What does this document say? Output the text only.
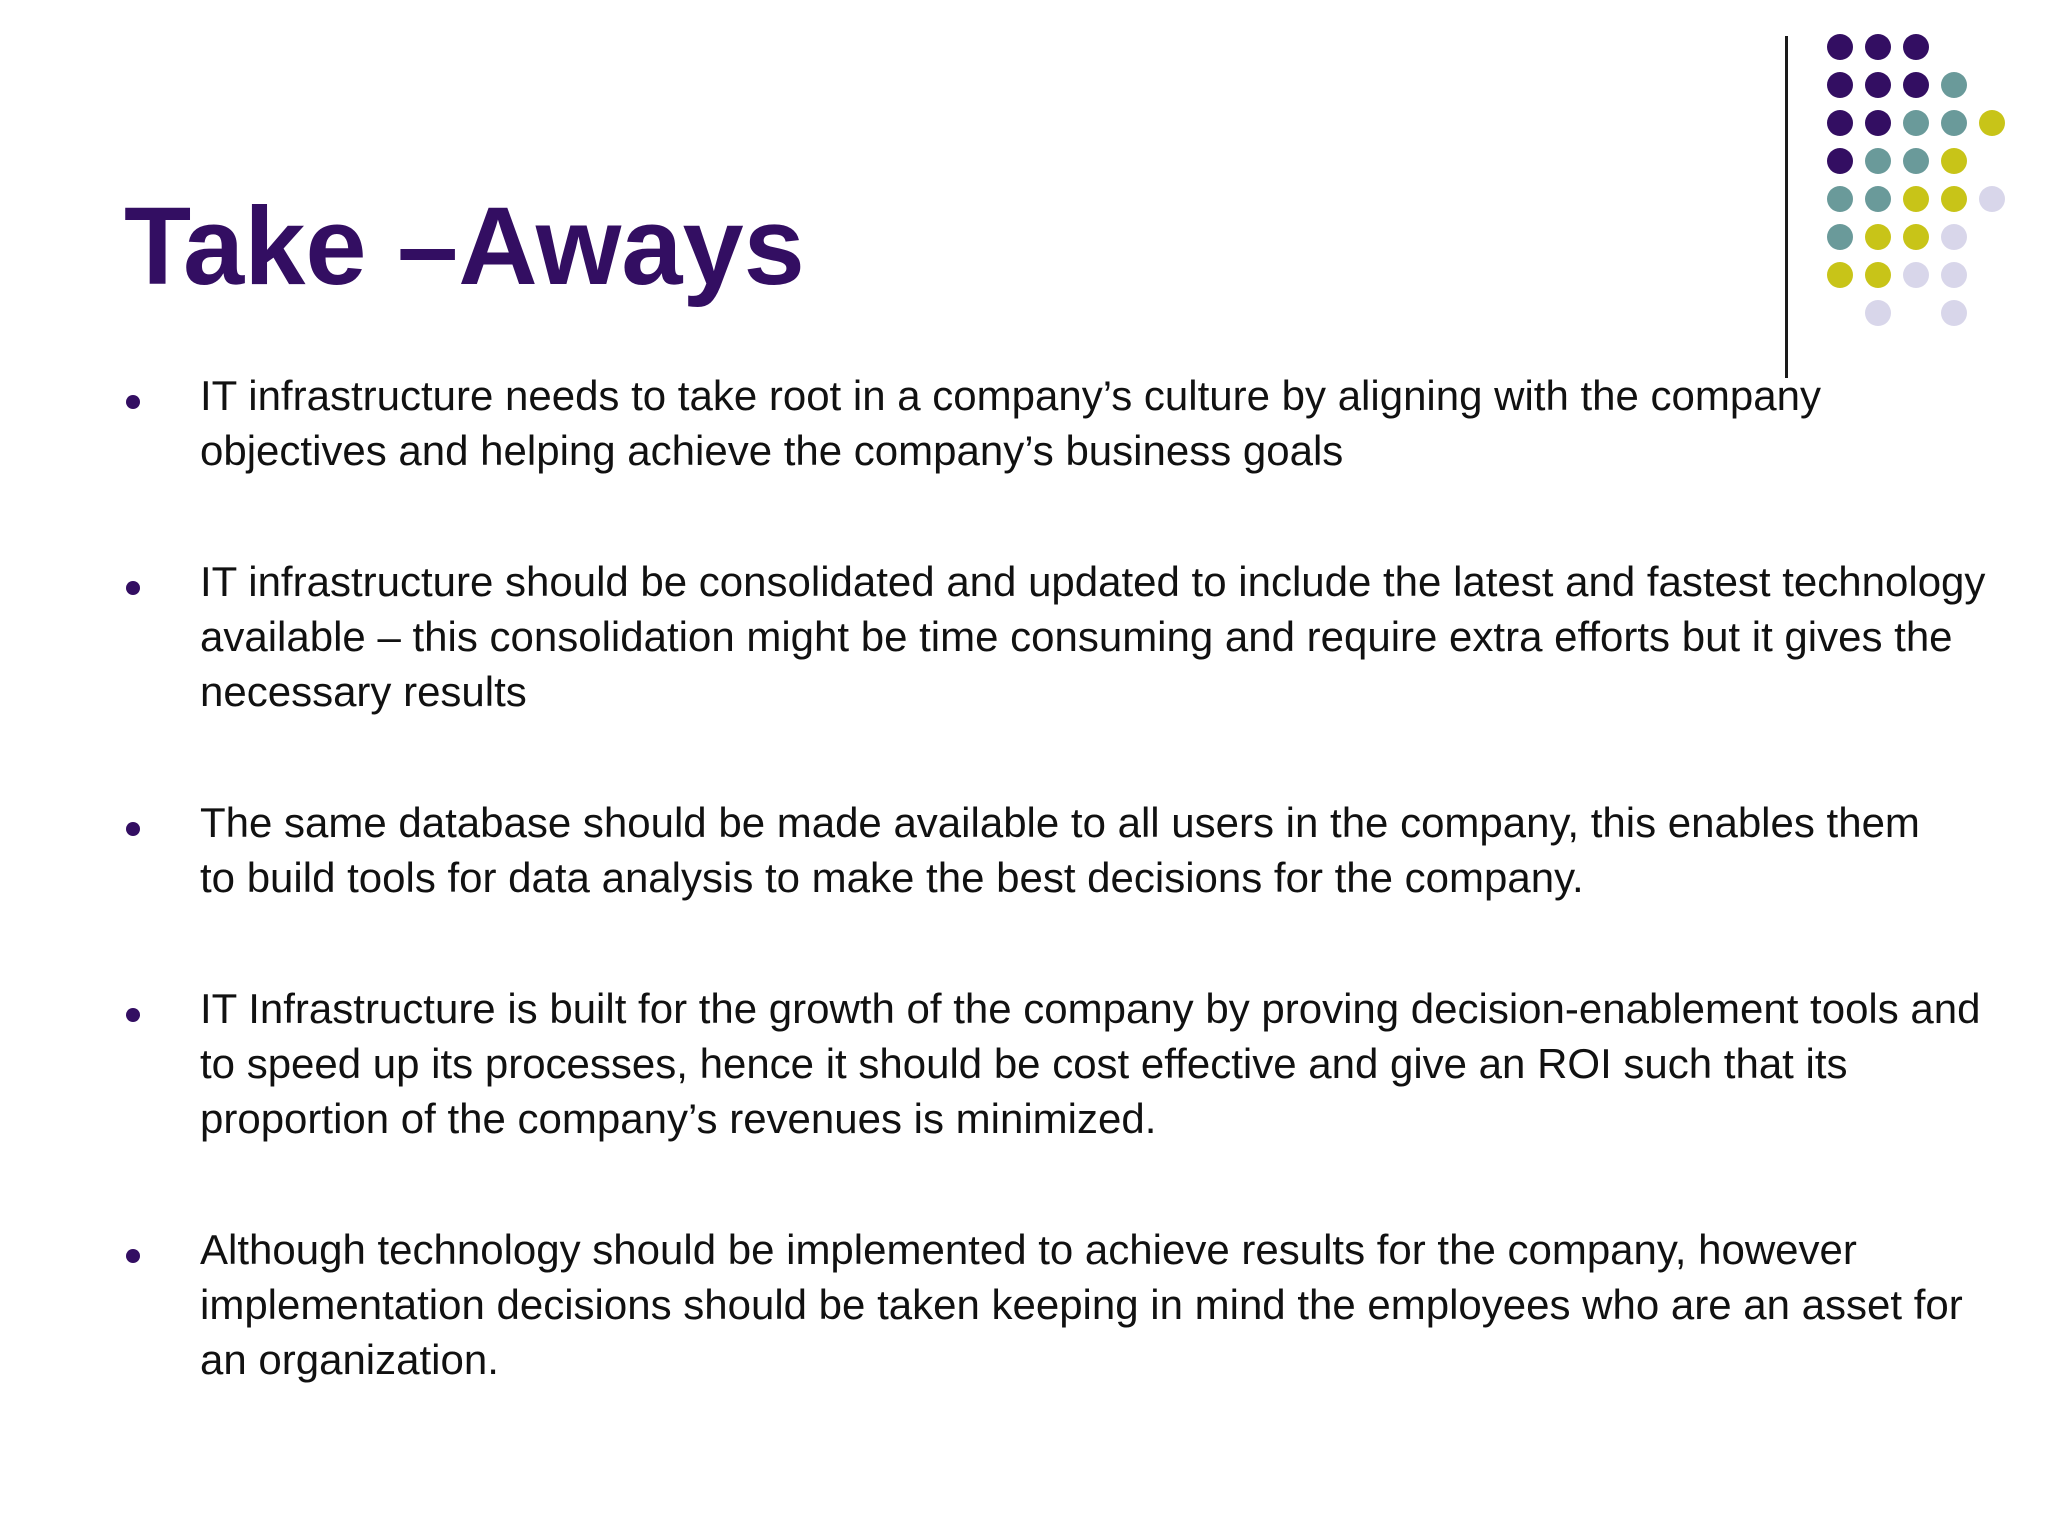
Take –Aways
IT infrastructure needs to take root in a company’s culture by aligning with the company objectives and helping achieve the company’s business goals
IT infrastructure should be consolidated and updated to include the latest and fastest technology available – this consolidation might be time consuming and require extra efforts but it gives the necessary results
The same database should be made available to all users in the company, this enables them to build tools for data analysis to make the best decisions for the company.
IT Infrastructure is built for the growth of the company by proving decision-enablement tools and to speed up its processes, hence it should be cost effective and give an ROI such that its proportion of the company’s revenues is minimized.
Although technology should be implemented to achieve results for the company, however implementation decisions should be taken keeping in mind the employees who are an asset for an organization.
